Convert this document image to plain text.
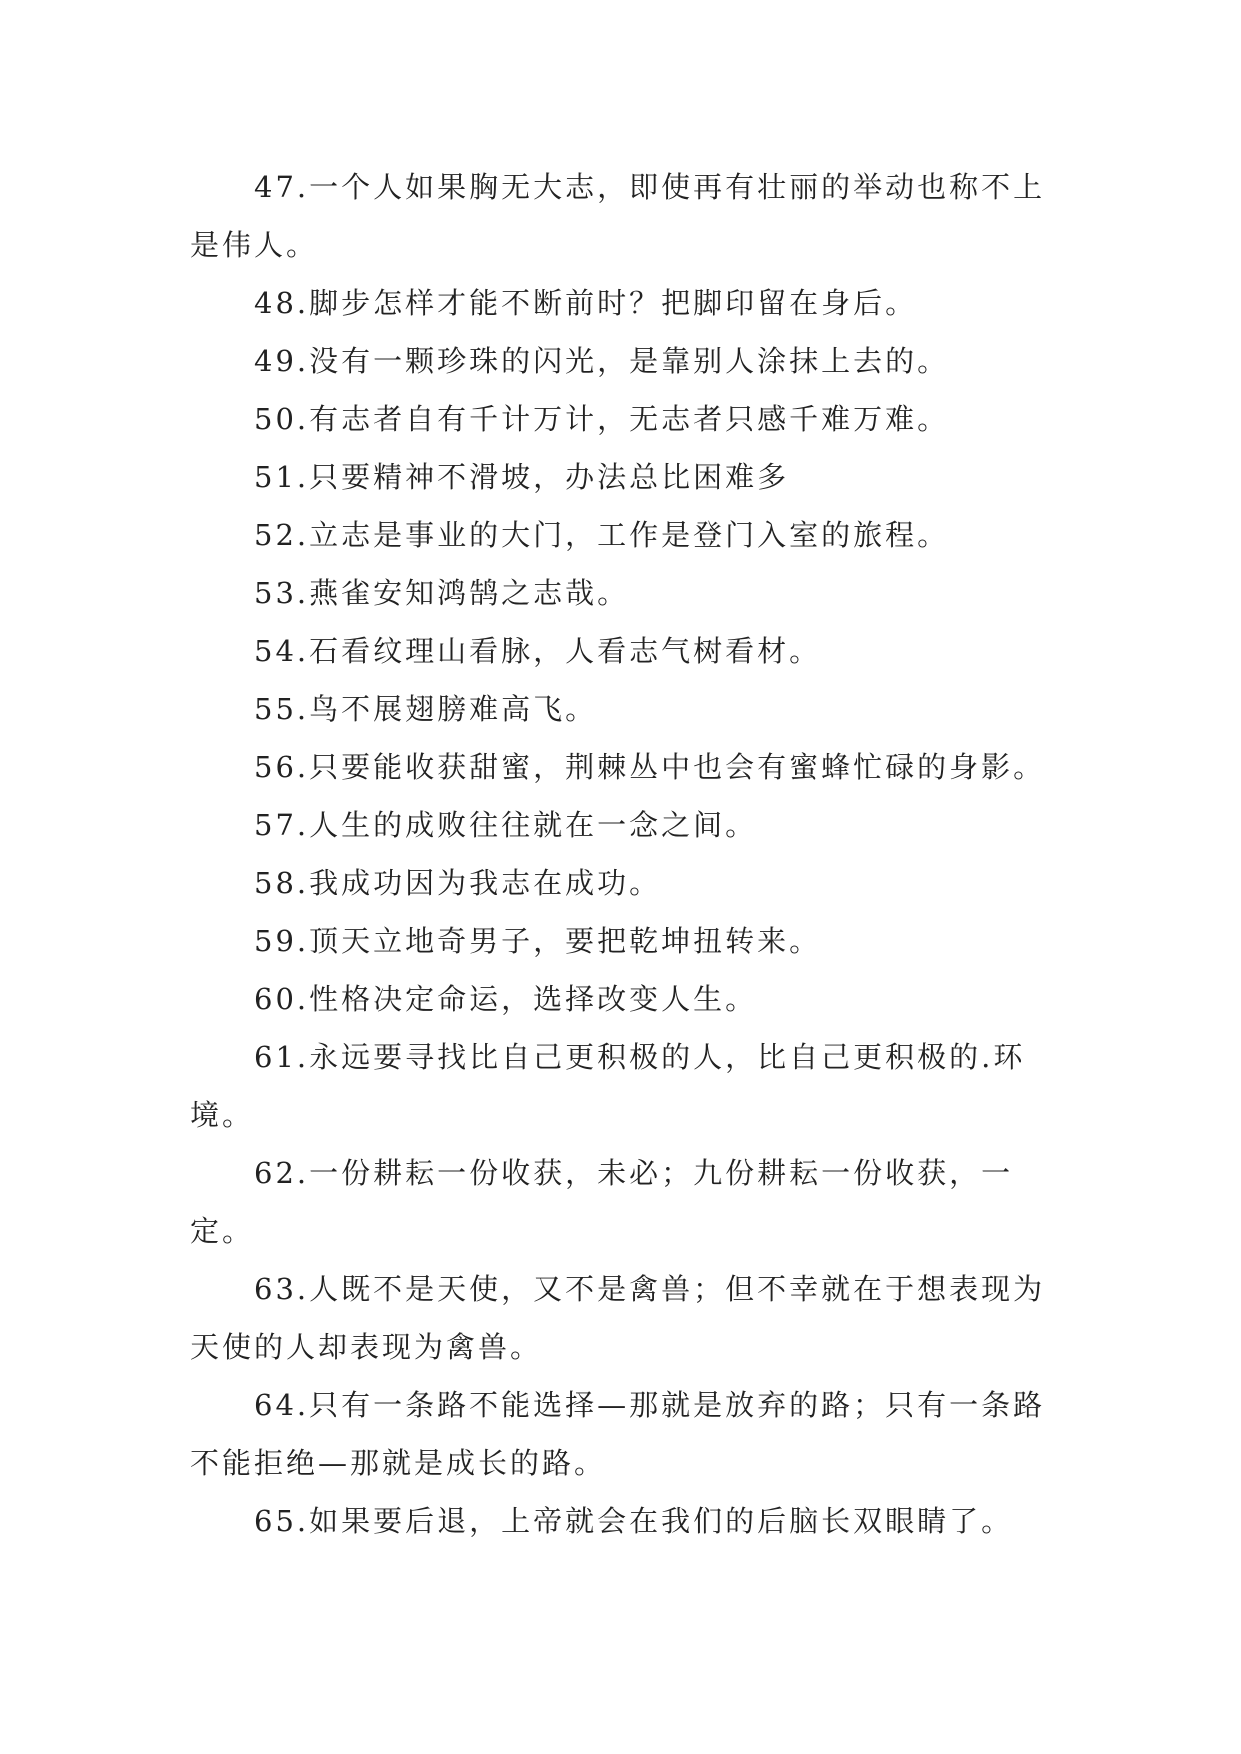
47.一个人如果胸无大志，即使再有壮丽的举动也称不上是伟人。

48.脚步怎样才能不断前时？把脚印留在身后。

49.没有一颗珍珠的闪光，是靠别人涂抹上去的。

50.有志者自有千计万计，无志者只感千难万难。

51.只要精神不滑坡，办法总比困难多

52.立志是事业的大门，工作是登门入室的旅程。

53.燕雀安知鸿鹄之志哉。

54.石看纹理山看脉，人看志气树看材。

55.鸟不展翅膀难高飞。

56.只要能收获甜蜜，荆棘丛中也会有蜜蜂忙碌的身影。

57.人生的成败往往就在一念之间。

58.我成功因为我志在成功。

59.顶天立地奇男子，要把乾坤扭转来。

60.性格决定命运，选择改变人生。

61.永远要寻找比自己更积极的人，比自己更积极的.环境。

62.一份耕耘一份收获，未必；九份耕耘一份收获，一定。

63.人既不是天使，又不是禽兽；但不幸就在于想表现为天使的人却表现为禽兽。

64.只有一条路不能选择—那就是放弃的路；只有一条路不能拒绝—那就是成长的路。

65.如果要后退，上帝就会在我们的后脑长双眼睛了。
